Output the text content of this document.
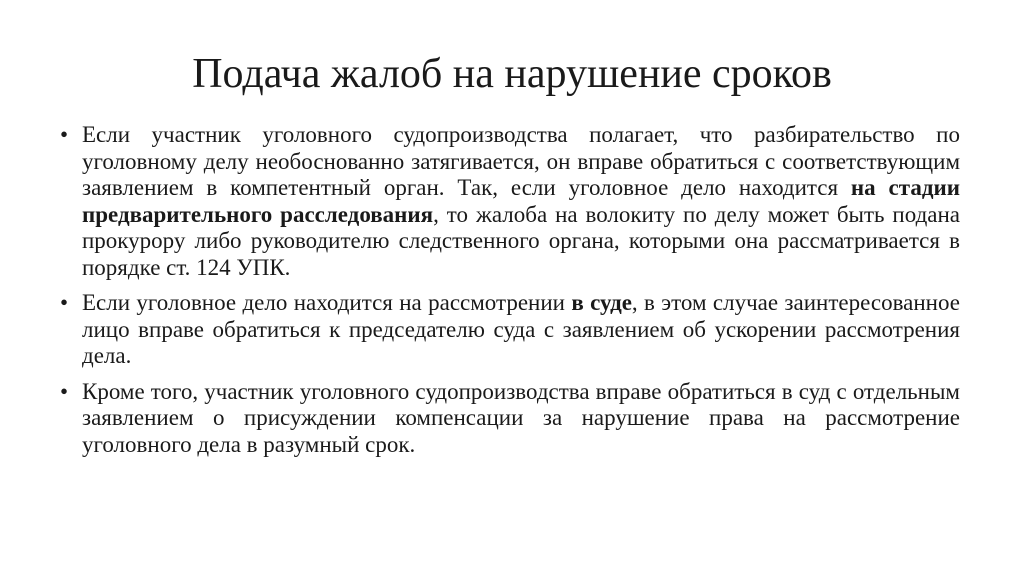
Подача жалоб на нарушение сроков
• Если участник уголовного судопроизводства полагает, что разбирательство по уголовному делу необоснованно затягивается, он вправе обратиться с соответствующим заявлением в компетентный орган. Так, если уголовное дело находится на стадии предварительного расследования, то жалоба на волокиту по делу может быть подана прокурору либо руководителю следственного органа, которыми она рассматривается в порядке ст. 124 УПК.
• Если уголовное дело находится на рассмотрении в суде, в этом случае заинтересованное лицо вправе обратиться к председателю суда с заявлением об ускорении рассмотрения дела.
• Кроме того, участник уголовного судопроизводства вправе обратиться в суд с отдельным заявлением о присуждении компенсации за нарушение права на рассмотрение уголовного дела в разумный срок.
